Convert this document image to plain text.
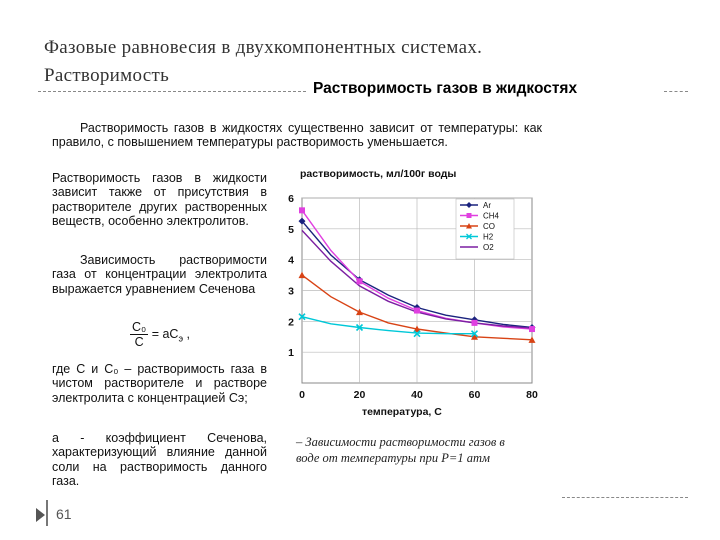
Фазовые равновесия в двухкомпонентных системах.
Растворимость
Растворимость газов в жидкостях
Растворимость газов в жидкостях существенно зависит от температуры: как правило, с повышением температуры растворимость уменьшается.
Растворимость газов в жидкости зависит также от присутствия в растворителе других растворенных веществ, особенно электролитов.
Зависимость растворимости газа от концентрации электролита выражается уравнением Сеченова
$\frac{\text{C₀}}{C} = aC_э$ ,
где С и C₀ – растворимость газа в чистом растворителе и растворе электролита с концентрацией Cэ;
а - коэффициент Сеченова, характеризующий влияние данной соли на растворимость данного газа.
растворимость, мл/100г воды
температура, С
1
2
3
4
5
6
0	20	40	60	80
Ar
CH4
CO
H2
O2
– Зависимости растворимости газов в воде от температуры при P=1 атм
61
